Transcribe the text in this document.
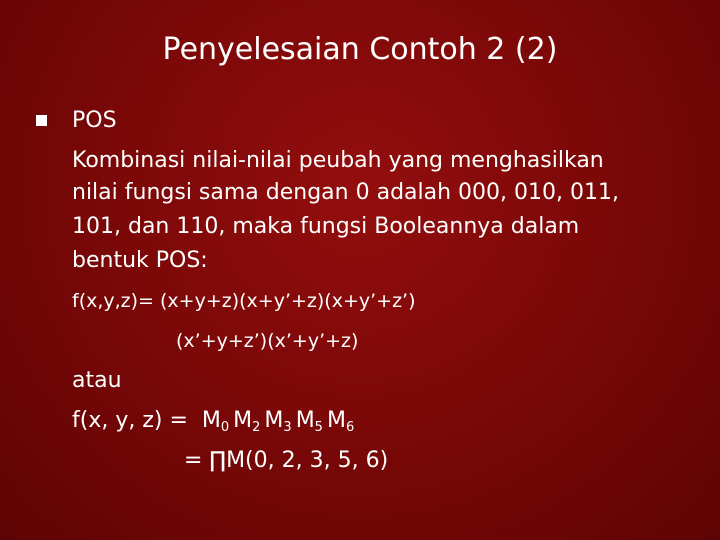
Penyelesaian Contoh 2 (2)
POS
Kombinasi nilai-nilai peubah yang menghasilkan
nilai fungsi sama dengan 0 adalah 000, 010, 011,
101, dan 110, maka fungsi Booleannya dalam
bentuk POS:
f(x,y,z)= (x+y+z)(x+y’+z)(x+y’+z’)
(x’+y+z’)(x’+y’+z)
atau
f(x, y, $z) = M_0$ $M_2$ $M_3$ $M_5$ $M_6$
= ∏M(0, 2, 3, 5, 6)
